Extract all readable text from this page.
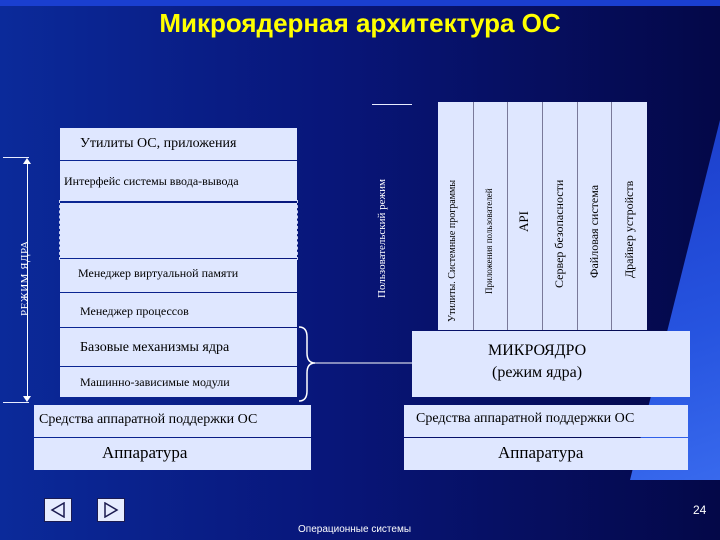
Микроядерная архитектура ОС
РЕЖИМ ЯДРА
Утилиты ОС, приложения
Интерфейс системы ввода-вывода
Менеджер виртуальной памяти
Менеджер процессов
Базовые механизмы ядра
Машинно-зависимые модули
Средства аппаратной поддержки ОС
Аппаратура
Пользовательский режим	Утилиты. Системные программы	Приложения пользователей API Сервер безопасности Файловая система Драйвер устройств
МИКРОЯДРО
(режим ядра)
Средства аппаратной поддержки ОС
Аппаратура
Операционные системы
24
